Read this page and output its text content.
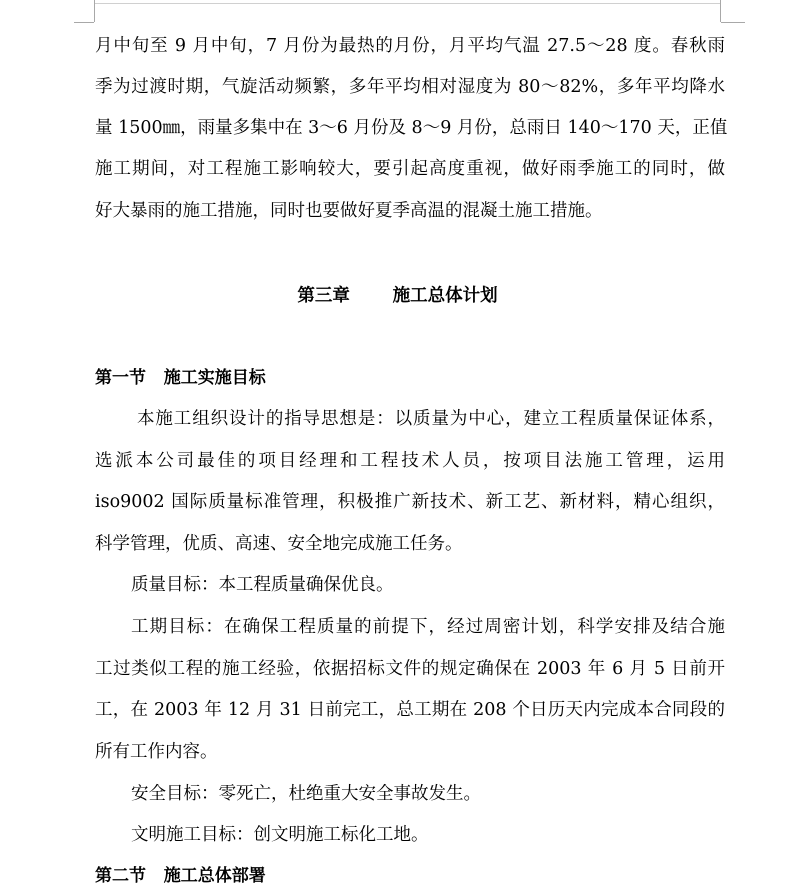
月中旬至 9 月中旬，7 月份为最热的月份，月平均气温 27.5～28 度。春秋雨
季为过渡时期，气旋活动频繁，多年平均相对湿度为 80～82%，多年平均降水
量 1500㎜，雨量多集中在 3～6 月份及 8～9 月份，总雨日 140～170 天，正值
施工期间，对工程施工影响较大，要引起高度重视，做好雨季施工的同时，做
好大暴雨的施工措施，同时也要做好夏季高温的混凝土施工措施。
第三章 施工总体计划
第一节 施工实施目标
本施工组织设计的指导思想是：以质量为中心，建立工程质量保证体系，
选派本公司最佳的项目经理和工程技术人员，按项目法施工管理，运用
iso9002 国际质量标准管理，积极推广新技术、新工艺、新材料，精心组织，
科学管理，优质、高速、安全地完成施工任务。
质量目标：本工程质量确保优良。
工期目标：在确保工程质量的前提下，经过周密计划，科学安排及结合施
工过类似工程的施工经验，依据招标文件的规定确保在 2003 年 6 月 5 日前开
工，在 2003 年 12 月 31 日前完工，总工期在 208 个日历天内完成本合同段的
所有工作内容。
安全目标：零死亡，杜绝重大安全事故发生。
文明施工目标：创文明施工标化工地。
第二节 施工总体部署
